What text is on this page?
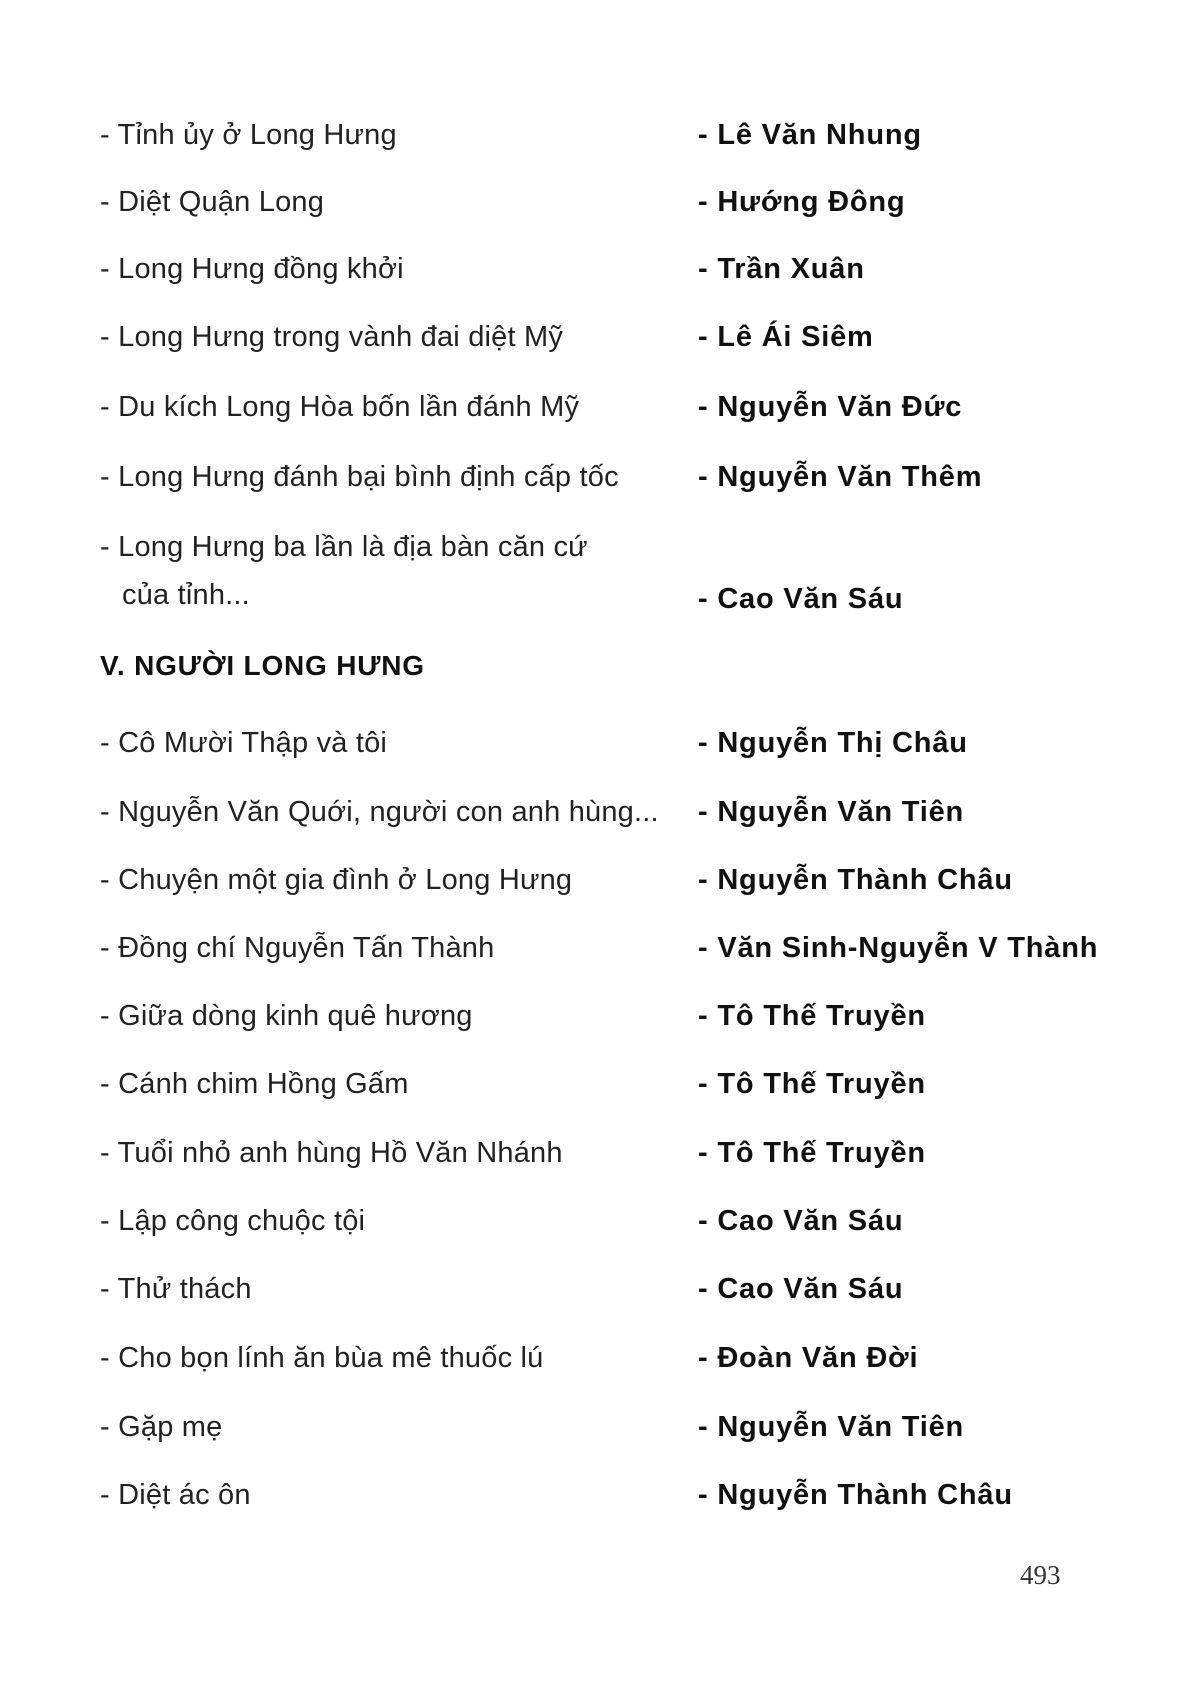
- Tỉnh ủy ở Long Hưng	- Lê Văn Nhung
- Diệt Quận Long	- Hướng Đông
- Long Hưng đồng khởi	- Trần Xuân
- Long Hưng trong vành đai diệt Mỹ	- Lê Ái Siêm
- Du kích Long Hòa bốn lần đánh Mỹ	- Nguyễn Văn Đức
- Long Hưng đánh bại bình định cấp tốc	- Nguyễn Văn Thêm
- Long Hưng ba lần là địa bàn căn cứ
của tỉnh...	- Cao Văn Sáu
V. NGƯỜI LONG HƯNG
- Cô Mười Thập và tôi	- Nguyễn Thị Châu
- Nguyễn Văn Quới, người con anh hùng...	- Nguyễn Văn Tiên
- Chuyện một gia đình ở Long Hưng	- Nguyễn Thành Châu
- Đồng chí Nguyễn Tấn Thành	- Văn Sinh-Nguyễn V Thành
- Giữa dòng kinh quê hương	- Tô Thế Truyền
- Cánh chim Hồng Gấm	- Tô Thế Truyền
- Tuổi nhỏ anh hùng Hồ Văn Nhánh	- Tô Thế Truyền
- Lập công chuộc tội	- Cao Văn Sáu
- Thử thách	- Cao Văn Sáu
- Cho bọn lính ăn bùa mê thuốc lú	- Đoàn Văn Đời
- Gặp mẹ	- Nguyễn Văn Tiên
- Diệt ác ôn	- Nguyễn Thành Châu
493
